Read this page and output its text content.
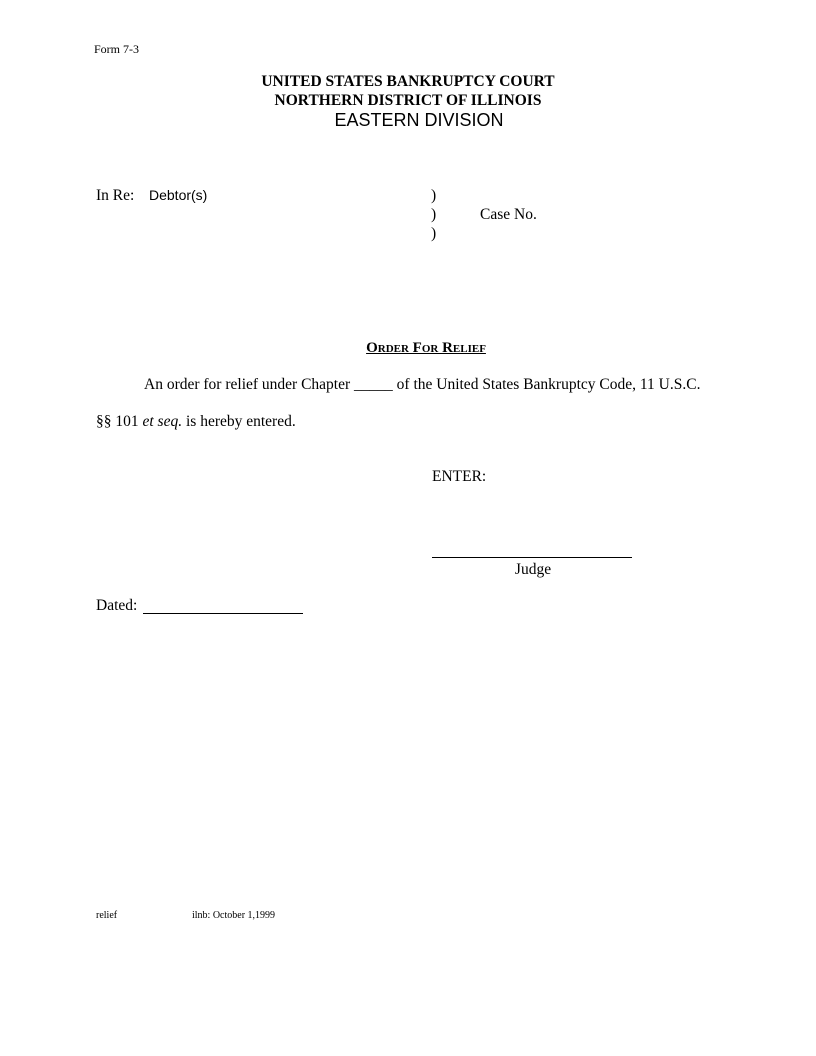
Form 7-3
UNITED STATES BANKRUPTCY COURT
NORTHERN DISTRICT OF ILLINOIS
EASTERN DIVISION
In Re: Debtor(s)	)
)
)
Case No.
Order For Relief
An order for relief under Chapter _____ of the United States Bankruptcy Code, 11 U.S.C.
§§ 101 et seq. is hereby entered.
ENTER:
Judge
Dated:
relief	ilnb: October 1,1999
